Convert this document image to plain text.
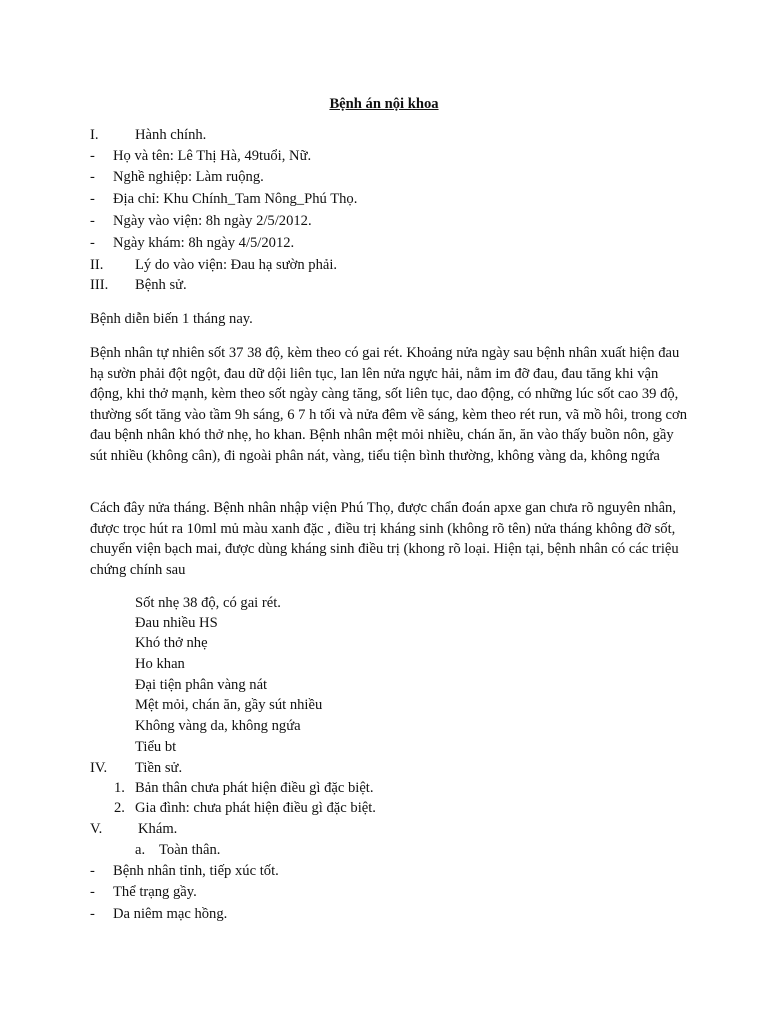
Bệnh án nội khoa
I. Hành chính.
- Họ và tên: Lê Thị Hà, 49tuổi, Nữ.
- Nghề nghiệp: Làm ruộng.
- Địa chỉ: Khu Chính_Tam Nông_Phú Thọ.
- Ngày vào viện: 8h ngày 2/5/2012.
- Ngày khám: 8h ngày 4/5/2012.
II. Lý do vào viện: Đau hạ sườn phải.
III. Bệnh sử.
Bệnh diễn biến 1 tháng nay.
Bệnh nhân tự nhiên sốt 37 38 độ, kèm theo có gai rét. Khoảng nửa ngày sau bệnh nhân xuất hiện đau hạ sườn phải đột ngột, đau dữ dội liên tục, lan lên nửa ngực hải, nằm im đỡ đau, đau tăng khi vận động, khi thở mạnh, kèm theo sốt ngày càng tăng, sốt liên tục, dao động, có những lúc sốt cao 39 độ, thường sốt tăng vào tầm 9h sáng, 6 7 h tối và nửa đêm về sáng, kèm theo rét run, vã mồ hôi, trong cơn đau bệnh nhân khó thở nhẹ, ho khan. Bệnh nhân mệt mỏi nhiều, chán ăn, ăn vào thấy buồn nôn, gầy sút nhiều (không cân), đi ngoài phân nát, vàng, tiểu tiện bình thường, không vàng da, không ngứa
Cách đây nửa tháng. Bệnh nhân nhập viện Phú Thọ, được chẩn đoán apxe gan chưa rõ nguyên nhân, được trọc hút ra 10ml mủ màu xanh đặc , điều trị kháng sinh (không rõ tên) nửa tháng không đỡ sốt, chuyển viện bạch mai, được dùng kháng sinh điều trị (khong rõ loại. Hiện tại, bệnh nhân có các triệu chứng chính sau
Sốt nhẹ 38 độ, có gai rét.
Đau nhiều HS
Khó thở nhẹ
Ho khan
Đại tiện phân vàng nát
Mệt mỏi, chán ăn, gầy sút nhiều
Không vàng da, không ngứa
Tiểu bt
IV. Tiền sử.
1. Bản thân chưa phát hiện điều gì đặc biệt.
2. Gia đình: chưa phát hiện điều gì đặc biệt.
V. Khám.
a. Toàn thân.
- Bệnh nhân tỉnh, tiếp xúc tốt.
- Thể trạng gầy.
- Da niêm mạc hồng.
